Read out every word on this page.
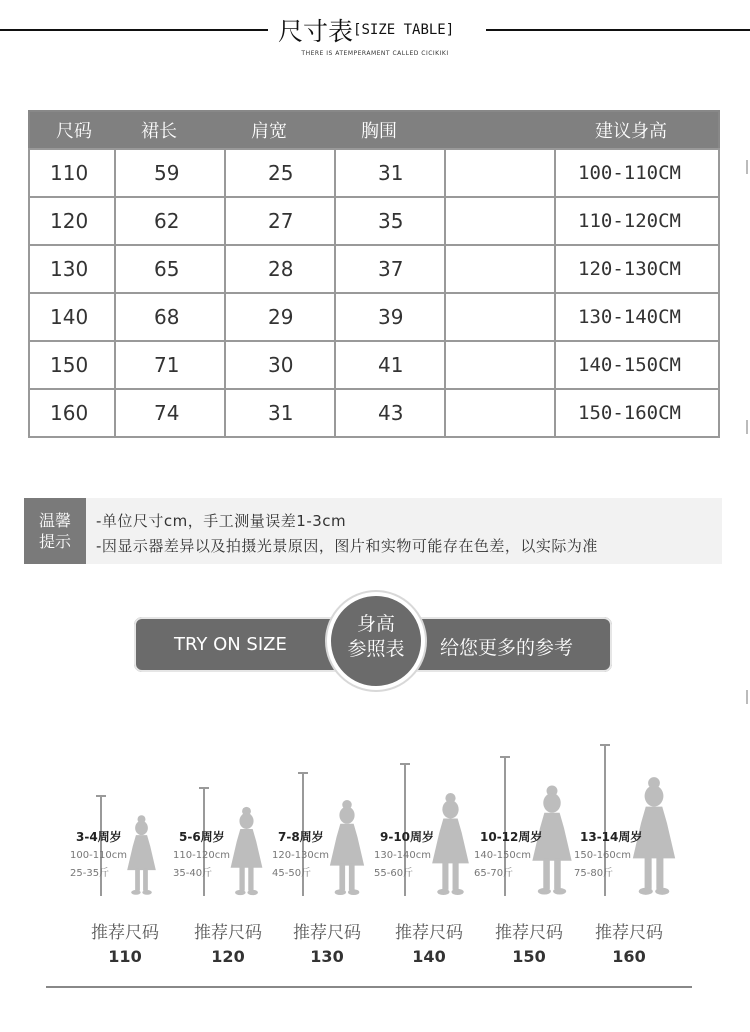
尺寸表[SIZE TABLE]
THERE IS ATEMPERAMENT CALLED CICIKIKI
尺码	裙长	肩宽	胸围		建议身高
110	59	25	31		100-110CM
120	62	27	35		110-120CM
130	65	28	37		120-130CM
140	68	29	39		130-140CM
150	71	30	41		140-150CM
160	74	31	43		150-160CM
温馨
提示
-单位尺寸cm，手工测量误差1-3cm
-因显示器差异以及拍摄光景原因，图片和实物可能存在色差，以实际为准
TRY ON SIZE	给您更多的参考
身高
参照表
3-4周岁
100-110cm
25-35斤
推荐尺码
110
5-6周岁
110-120cm
35-40斤
推荐尺码
120
7-8周岁
120-130cm
45-50斤
推荐尺码
130
9-10周岁
130-140cm
55-60斤
推荐尺码
140
10-12周岁
140-150cm
65-70斤
推荐尺码
150
13-14周岁
150-160cm
75-80斤
推荐尺码
160
